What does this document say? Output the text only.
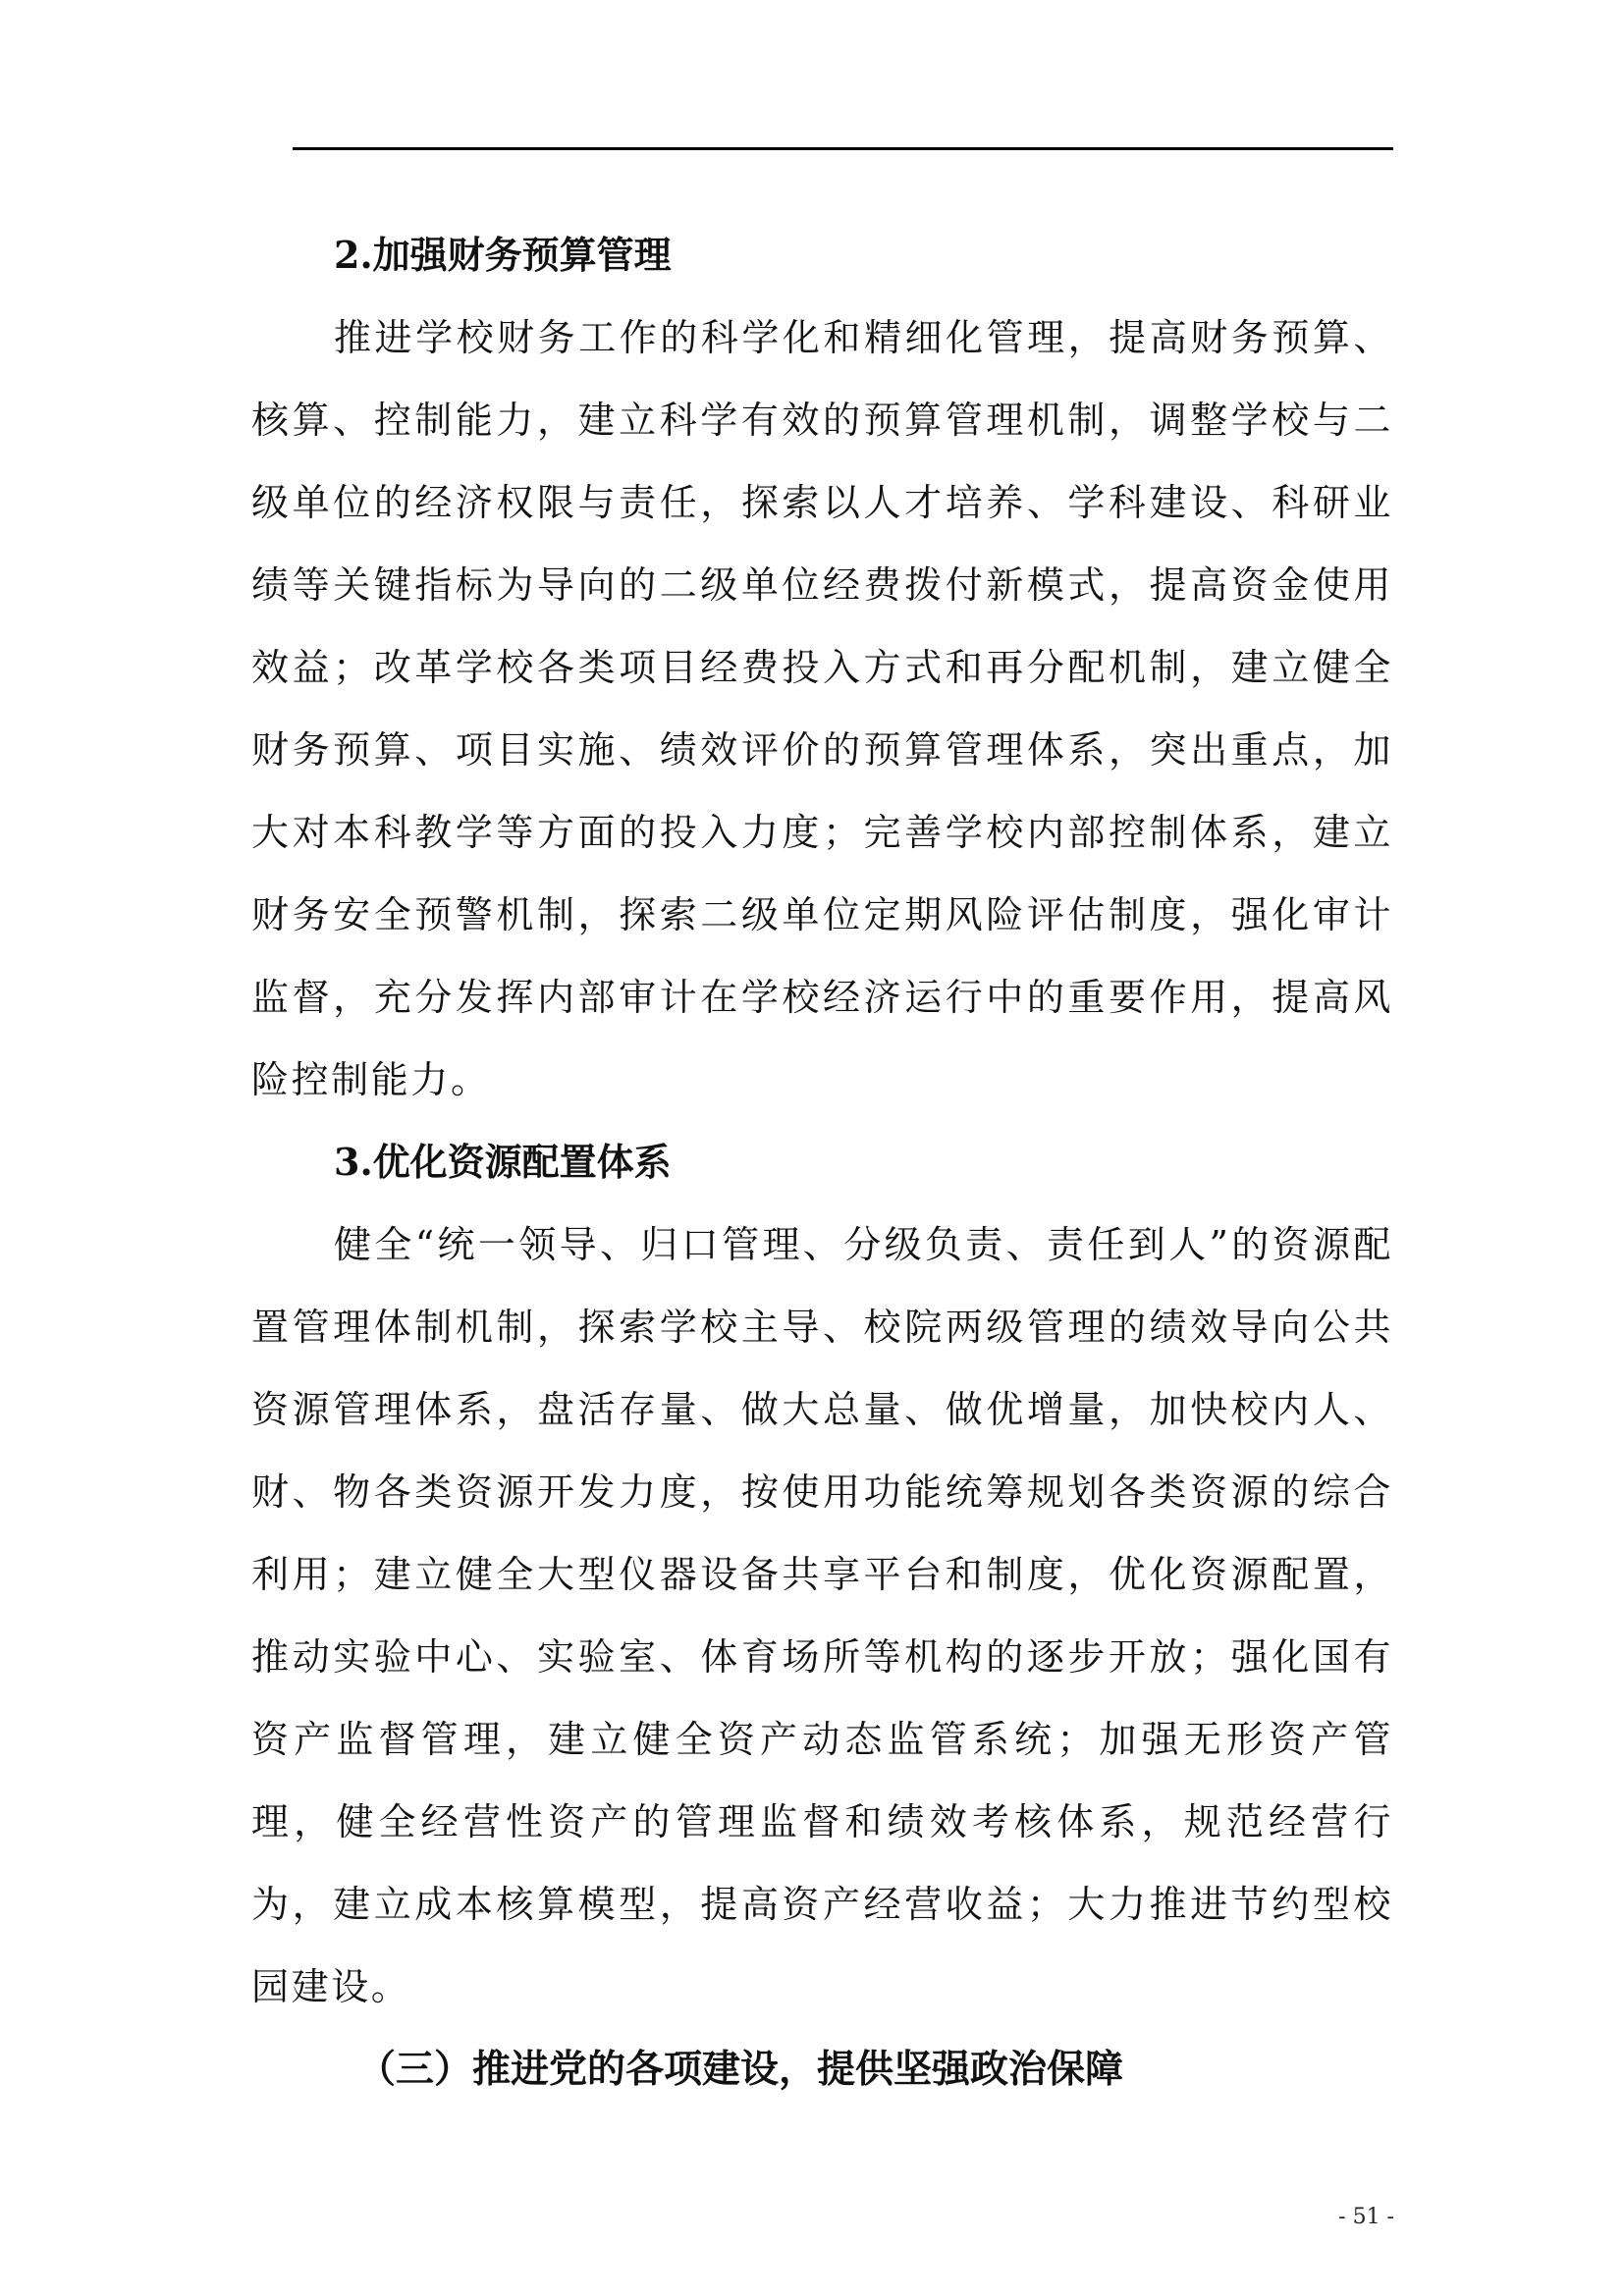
2.加强财务预算管理

推进学校财务工作的科学化和精细化管理，提高财务预算、核算、控制能力，建立科学有效的预算管理机制，调整学校与二级单位的经济权限与责任，探索以人才培养、学科建设、科研业绩等关键指标为导向的二级单位经费拨付新模式，提高资金使用效益；改革学校各类项目经费投入方式和再分配机制，建立健全财务预算、项目实施、绩效评价的预算管理体系，突出重点，加大对本科教学等方面的投入力度；完善学校内部控制体系，建立财务安全预警机制，探索二级单位定期风险评估制度，强化审计监督，充分发挥内部审计在学校经济运行中的重要作用，提高风险控制能力。

3.优化资源配置体系

健全“统一领导、归口管理、分级负责、责任到人”的资源配置管理体制机制，探索学校主导、校院两级管理的绩效导向公共资源管理体系，盘活存量、做大总量、做优增量，加快校内人、财、物各类资源开发力度，按使用功能统筹规划各类资源的综合利用；建立健全大型仪器设备共享平台和制度，优化资源配置，推动实验中心、实验室、体育场所等机构的逐步开放；强化国有资产监督管理，建立健全资产动态监管系统；加强无形资产管理，健全经营性资产的管理监督和绩效考核体系，规范经营行为，建立成本核算模型，提高资产经营收益；大力推进节约型校园建设。

（三）推进党的各项建设，提供坚强政治保障
- 51 -
